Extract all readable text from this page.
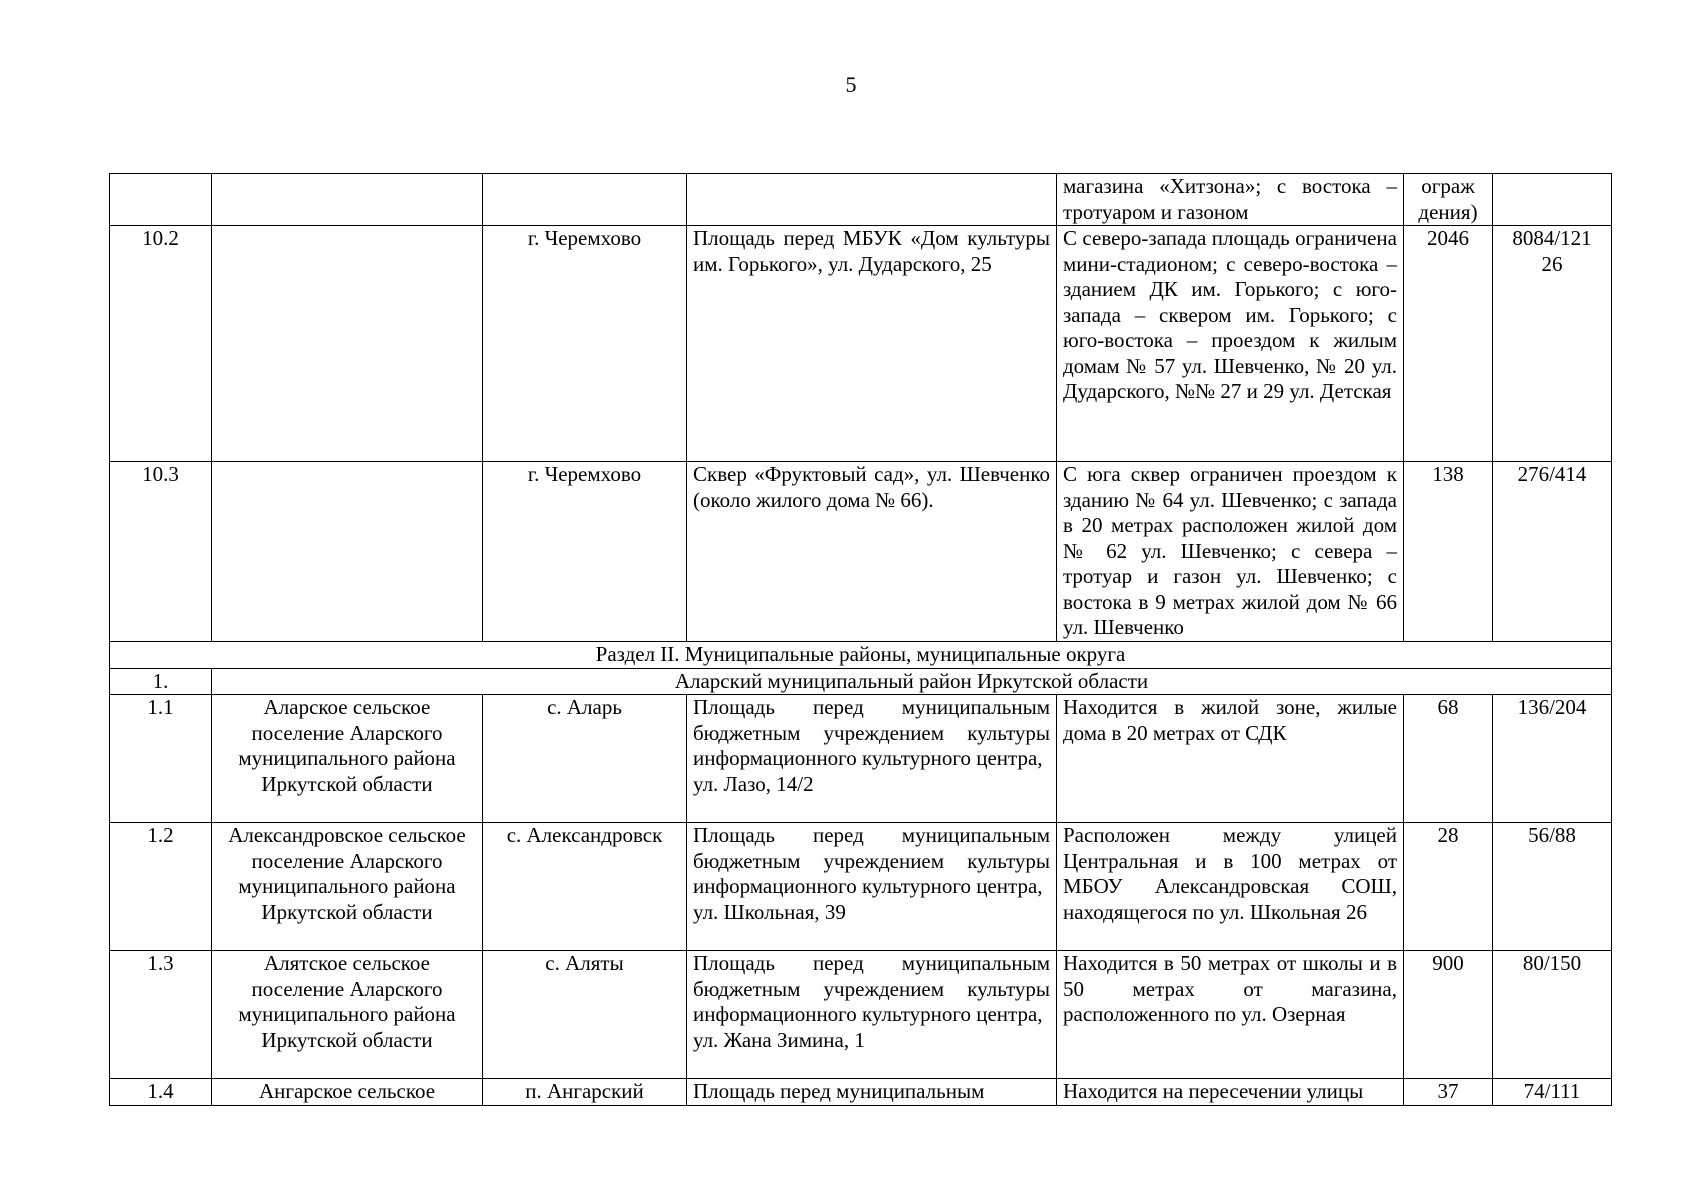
5
				магазина «Хитзона»; с востока – тротуаром и газоном	ограж
дения)	

10.2		г. Черемхово	Площадь перед МБУК «Дом культуры им. Горького», ул. Дударского, 25	С северо-запада площадь ограничена мини-стадионом; с северо-востока – зданием ДК им. Горького; с юго-запада – сквером им. Горького; с юго-востока – проездом к жилым домам № 57 ул. Шевченко, № 20 ул. Дударского, №№ 27 и 29 ул. Детская	2046	8084/121
26

10.3		г. Черемхово	Сквер «Фруктовый сад», ул. Шевченко (около жилого дома № 66).	С юга сквер ограничен проездом к зданию № 64 ул. Шевченко; с запада в 20 метрах расположен жилой дом № 62 ул. Шевченко; с севера – тротуар и газон ул. Шевченко; с востока в 9 метрах жилой дом № 66 ул. Шевченко	138	276/414
Раздел II. Муниципальные районы, муниципальные округа						
1.	Аларский муниципальный район Иркутской области					
1.1	Аларское сельское поселение Аларского муниципального района Иркутской области	с. Аларь	Площадь перед муниципальным бюджетным учреждением культуры информационного культурного центра,
ул. Лазо, 14/2	Находится в жилой зоне, жилые дома в 20 метрах от СДК	68	136/204
1.2	Александровское сельское поселение Аларского муниципального района Иркутской области	с. Александровск	Площадь перед муниципальным бюджетным учреждением культуры информационного культурного центра,
ул. Школьная, 39	Расположен между улицей Центральная и в 100 метрах от МБОУ Александровская СОШ, находящегося по ул. Школьная 26	28	56/88
1.3	Алятское сельское поселение Аларского муниципального района Иркутской области	с. Аляты	Площадь перед муниципальным бюджетным учреждением культуры информационного культурного центра,
ул. Жана Зимина, 1	Находится в 50 метрах от школы и в 50 метрах от магазина, расположенного по ул. Озерная	900	80/150
1.4	Ангарское сельское	п. Ангарский	Площадь перед муниципальным	Находится на пересечении улицы	37	74/111
